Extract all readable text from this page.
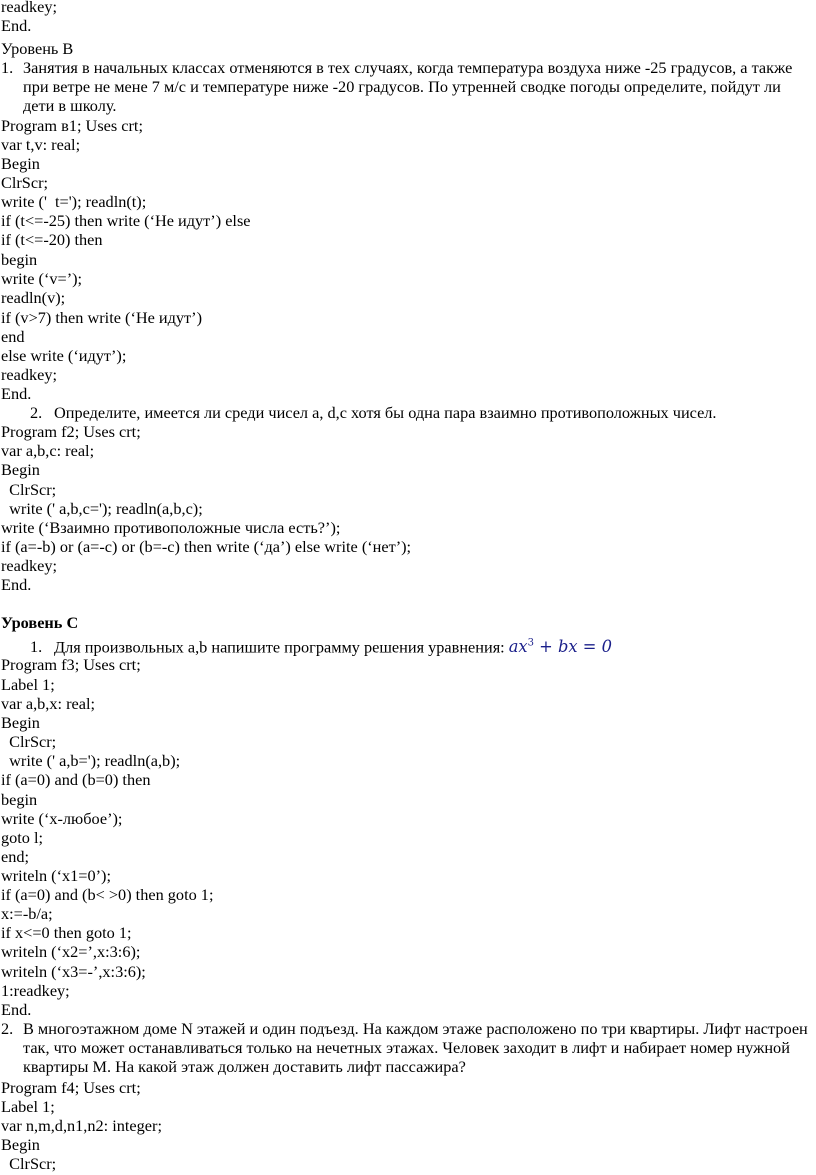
readkey;
End.
Уровень В
1. Занятия в начальных классах отменяются в тех случаях, когда температура воздуха ниже -25 градусов, а также при ветре не мене 7 м/с и температуре ниже -20 градусов. По утренней сводке погоды определите, пойдут ли дети в школу.
Program в1; Uses crt;
var t,v: real;
Begin
ClrScr;
write ('  t='); readln(t);
if (t<=-25) then write (‘Не идут’) else
if (t<=-20) then
begin
write (‘v=’);
readln(v);
if (v>7) then write (‘Не идут’)
end
else write (‘идут’);
readkey;
End.
2. Определите, имеется ли среди чисел a, d,c хотя бы одна пара взаимно противоположных чисел.
Program f2; Uses crt;
var a,b,c: real;
Begin
ClrScr;
write (' a,b,c='); readln(a,b,c);
write (‘Взаимно противоположные числа есть?’);
if (a=-b) or (a=-c) or (b=-c) then write (‘да’) else write (‘нет’);
readkey;
End.
Уровень С
1. Для произвольных a,b напишите программу решения уравнения: $ax^3$ + bx = 0
Program f3; Uses crt;
Label 1;
var a,b,x: real;
Begin
ClrScr;
write (' a,b='); readln(a,b);
if (a=0) and (b=0) then
begin
write (‘x-любое’);
goto l;
end;
writeln (‘x1=0’);
if (a=0) and (b< >0) then goto 1;
x:=-b/a;
if x<=0 then goto 1;
writeln (‘x2=’,x:3:6);
writeln (‘x3=-’,x:3:6);
1:readkey;
End.
2. В многоэтажном доме N этажей и один подъезд. На каждом этаже расположено по три квартиры. Лифт настроен так, что может останавливаться только на нечетных этажах. Человек заходит в лифт и набирает номер нужной квартиры M. На какой этаж должен доставить лифт пассажира?
Program f4; Uses crt;
Label 1;
var n,m,d,n1,n2: integer;
Begin
ClrScr;
